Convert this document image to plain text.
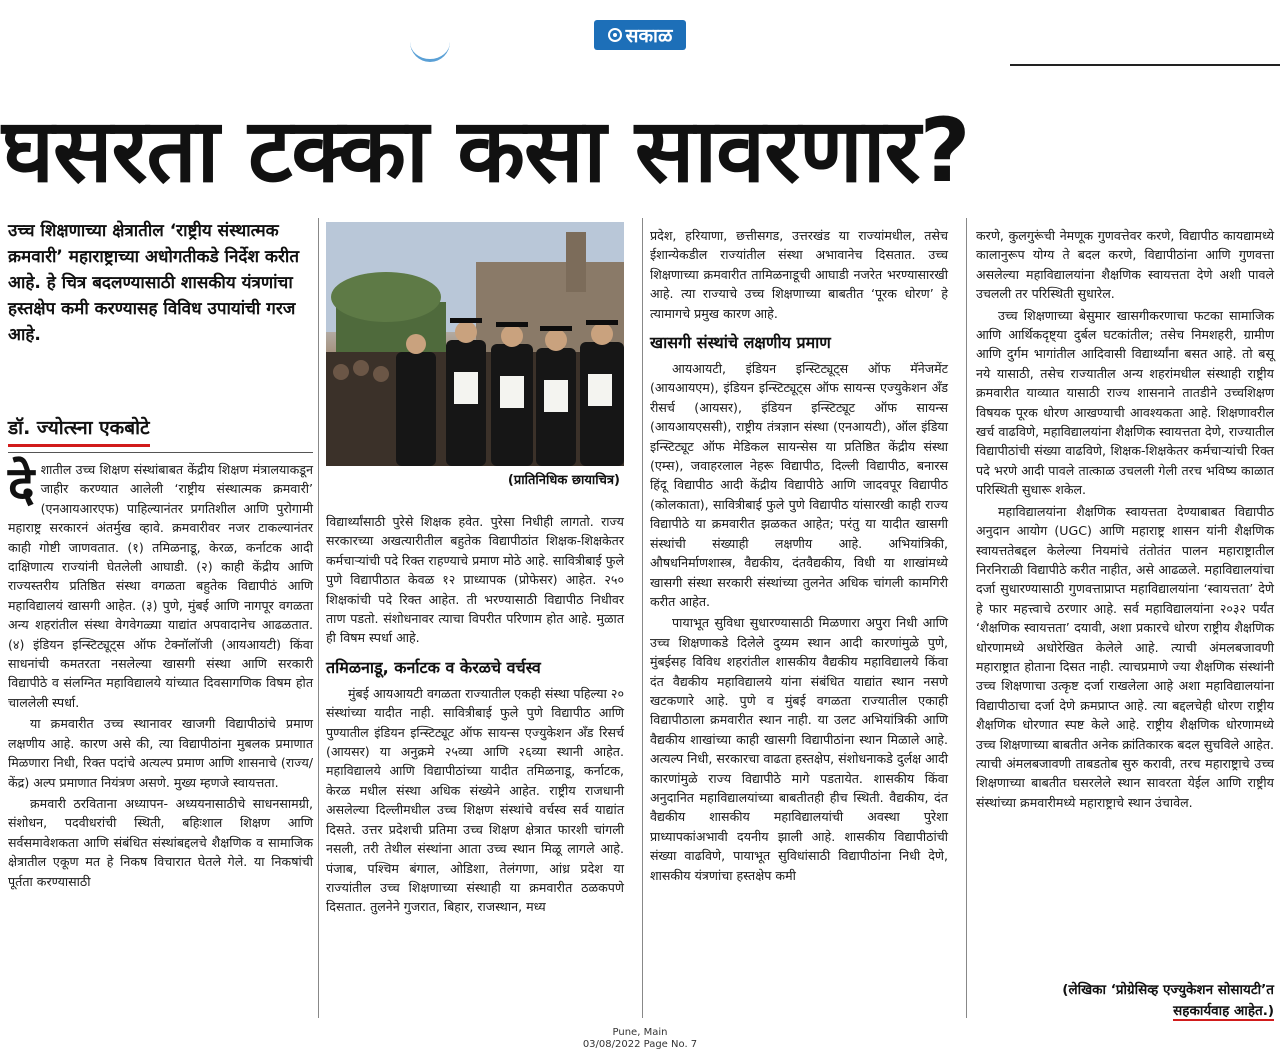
सकाळ
घसरता टक्का कसा सावरणार?
उच्च शिक्षणाच्या क्षेत्रातील ‘राष्ट्रीय संस्थात्मक क्रमवारी’ महाराष्ट्राच्या अधोगतीकडे निर्देश करीत आहे. हे चित्र बदलण्यासाठी शासकीय यंत्रणांचा हस्तक्षेप कमी करण्यासह विविध उपायांची गरज आहे.
डॉ. ज्योत्स्ना एकबोटे
दे शातील उच्च शिक्षण संस्थांबाबत केंद्रीय शिक्षण मंत्रालयाकडून जाहीर करण्यात आलेली ‘राष्ट्रीय संस्थात्मक क्रमवारी’ (एनआयआरएफ) पाहिल्यानंतर प्रगतिशील आणि पुरोगामी महाराष्ट्र सरकारनं अंतर्मुख व्हावे. क्रमवारीवर नजर टाकल्यानंतर काही गोष्टी जाणवतात. (१) तमिळनाडू, केरळ, कर्नाटक आदी दाक्षिणात्य राज्यांनी घेतलेली आघाडी. (२) काही केंद्रीय आणि राज्यस्तरीय प्रतिष्ठित संस्था वगळता बहुतेक विद्यापीठं आणि महाविद्यालयं खासगी आहेत. (३) पुणे, मुंबई आणि नागपूर वगळता अन्य शहरांतील संस्था वेगवेगळ्या याद्यांत अपवादानेच आढळतात. (४) इंडियन इन्स्टिट्यूट्स ऑफ टेक्नॉलॉजी (आयआयटी) किंवा साधनांची कमतरता नसलेल्या खासगी संस्था आणि सरकारी विद्यापीठे व संलग्नित महाविद्यालये यांच्यात दिवसागणिक विषम होत चाललेली स्पर्धा.

या क्रमवारीत उच्च स्थानावर खाजगी विद्यापीठांचे प्रमाण लक्षणीय आहे. कारण असे की, त्या विद्यापीठांना मुबलक प्रमाणात मिळणारा निधी, रिक्त पदांचे अत्यल्प प्रमाण आणि शासनाचे (राज्य/केंद्र) अल्प प्रमाणात नियंत्रण असणे. मुख्य म्हणजे स्वायत्तता.

क्रमवारी ठरविताना अध्यापन- अध्ययनासाठीचे साधनसामग्री, संशोधन, पदवीधरांची स्थिती, बहिःशाल शिक्षण आणि सर्वसमावेशकता आणि संबंधित संस्थांबद्दलचे शैक्षणिक व सामाजिक क्षेत्रातील एकूण मत हे निकष विचारात घेतले गेले. या निकषांची पूर्तता करण्यासाठी

(प्रातिनिधिक छायाचित्र)

विद्यार्थ्यांसाठी पुरेसे शिक्षक हवेत. पुरेसा निधीही लागतो. राज्य सरकारच्या अखत्यारीतील बहुतेक विद्यापीठांत शिक्षक-शिक्षकेतर कर्मचाऱ्यांची पदे रिक्त राहण्याचे प्रमाण मोठे आहे. सावित्रीबाई फुले पुणे विद्यापीठात केवळ १२ प्राध्यापक (प्रोफेसर) आहेत. २५० शिक्षकांची पदे रिक्त आहेत. ती भरण्यासाठी विद्यापीठ निधीवर ताण पडतो. संशोधनावर त्याचा विपरीत परिणाम होत आहे. मुळात ही विषम स्पर्धा आहे.

तमिळनाडू, कर्नाटक व केरळचे वर्चस्व

मुंबई आयआयटी वगळता राज्यातील एकही संस्था पहिल्या २० संस्थांच्या यादीत नाही. सावित्रीबाई फुले पुणे विद्यापीठ आणि पुण्यातील इंडियन इन्स्टिट्यूट ऑफ सायन्स एज्युकेशन अँड रिसर्च (आयसर) या अनुक्रमे २५व्या आणि २६व्या स्थानी आहेत. महाविद्यालये आणि विद्यापीठांच्या यादीत तमिळनाडू, कर्नाटक, केरळ मधील संस्था अधिक संख्येने आहेत. राष्ट्रीय राजधानी असलेल्या दिल्लीमधील उच्च शिक्षण संस्थांचेे वर्चस्व सर्व याद्यांत दिसते. उत्तर प्रदेशची प्रतिमा उच्च शिक्षण क्षेत्रात फारशी चांगली नसली, तरी तेथील संस्थांना आता उच्च स्थान मिळू लागले आहे. पंजाब, पश्चिम बंगाल, ओडिशा, तेलंगणा, आंध्र प्रदेश या राज्यांतील उच्च शिक्षणाच्या संस्थाही या क्रमवारीत ठळकपणे दिसतात. तुलनेने गुजरात, बिहार, राजस्थान, मध्य

प्रदेश, हरियाणा, छत्तीसगड, उत्तरखंड या राज्यांमधील, तसेच ईशान्येकडील राज्यांतील संस्था अभावानेच दिसतात. उच्च शिक्षणाच्या क्रमवारीत तामिळनाडूची आघाडी नजरेत भरण्यासारखी आहे. त्या राज्याचे उच्च शिक्षणाच्या बाबतीत ‘पूरक धोरण’ हे त्यामागचे प्रमुख कारण आहे.

खासगी संस्थांचे लक्षणीय प्रमाण

आयआयटी, इंडियन इन्स्टिट्यूट्स ऑफ मॅनेजमेंट (आयआयएम), इंडियन इन्स्टिट्यूट्स ऑफ सायन्स एज्युकेशन अँड रीसर्च (आयसर), इंडियन इन्स्टिट्यूट ऑफ सायन्स (आयआयएससी), राष्ट्रीय तंत्रज्ञान संस्था (एनआयटी), ऑल इंडिया इन्स्टिट्यूट ऑफ मेडिकल सायन्सेस या प्रतिष्ठित केंद्रीय संस्था (एम्स), जवाहरलाल नेहरू विद्यापीठ, दिल्ली विद्यापीठ, बनारस हिंदू विद्यापीठ आदी केंद्रीय विद्यापीठे आणि जादवपूर विद्यापीठ (कोलकाता), सावित्रीबाई फुले पुणे विद्यापीठ यांसारखी काही राज्य विद्यापीठे या क्रमवारीत झळकत आहेत; परंतु या यादीत खासगी संस्थांची संख्याही लक्षणीय आहे. अभियांत्रिकी, औषधनिर्माणशास्त्र, वैद्यकीय, दंतवैद्यकीय, विधी या शाखांमध्ये खासगी संस्था सरकारी संस्थांच्या तुलनेत अधिक चांगली कामगिरी करीत आहेत.

पायाभूत सुविधा सुधारण्यासाठी मिळणारा अपुरा निधी आणि उच्च शिक्षणाकडे दिलेले दुय्यम स्थान आदी कारणांमुळे पुणे, मुंबईसह विविध शहरांतील शासकीय वैद्यकीय महाविद्यालये किंवा दंत वैद्यकीय महाविद्यालये यांना संबंधित याद्यांत स्थान नसणे खटकणारे आहे. पुणे व मुंबई वगळता राज्यातील एकाही विद्यापीठाला क्रमवारीत स्थान नाही. या उलट अभियांत्रिकी आणि वैद्यकीय शाखांच्या काही खासगी विद्यापीठांना स्थान मिळाले आहे. अत्यल्प निधी, सरकारचा वाढता हस्तक्षेप, संशोधनाकडे दुर्लक्ष आदी कारणांमुळे राज्य विद्यापीठे मागे पडतायेत. शासकीय किंवा अनुदानित महाविद्यालयांच्या बाबतीतही हीच स्थिती. वैद्यकीय, दंत वैद्यकीय शासकीय महाविद्यालयांची अवस्था पुरेशा प्राध्यापकांअभावी दयनीय झाली आहे. शासकीय विद्यापीठांची संख्या वाढविणे, पायाभूत सुविधांसाठी विद्यापीठांना निधी देणे, शासकीय यंत्रणांचा हस्तक्षेप कमी

करणे, कुलगुरूंची नेमणूक गुणवत्तेवर करणे, विद्यापीठ कायद्यामध्ये कालानुरूप योग्य ते बदल करणे, विद्यापीठांना आणि गुणवत्ता असलेल्या महाविद्यालयांना शैक्षणिक स्वायत्तता देणे अशी पावले उचलली तर परिस्थिती सुधारेल.

उच्च शिक्षणाच्या बेसुमार खासगीकरणाचा फटका सामाजिक आणि आर्थिकदृष्ट्या दुर्बल घटकांतील; तसेच निमशहरी, ग्रामीण आणि दुर्गम भागांतील आदिवासी विद्यार्थ्यांना बसत आहे. तो बसू नये यासाठी, तसेच राज्यातील अन्य शहरांमधील संस्थाही राष्ट्रीय क्रमवारीत याव्यात यासाठी राज्य शासनाने तातडीने उच्चशिक्षण विषयक पूरक धोरण आखण्याची आवश्यकता आहे. शिक्षणावरील खर्च वाढविणे, महाविद्यालयांना शैक्षणिक स्वायत्तता देणे, राज्यातील विद्यापीठांची संख्या वाढविणे, शिक्षक-शिक्षकेतर कर्मचाऱ्यांची रिक्त पदे भरणे आदी पावले तात्काळ उचलली गेली तरच भविष्य काळात परिस्थिती सुधारू शकेल.

महाविद्यालयांना शैक्षणिक स्वायत्तता देण्याबाबत विद्यापीठ अनुदान आयोग (UGC) आणि महाराष्ट्र शासन यांनी शैक्षणिक स्वायत्ततेबद्दल केलेल्या नियमांचे तंतोतंत पालन महाराष्ट्रातील निरनिराळी विद्यापीठे करीत नाहीत, असे आढळले. महाविद्यालयांचा दर्जा सुधारण्यासाठी गुणवत्ताप्राप्त महाविद्यालयांना ‘स्वायत्तता’ देणे हे फार महत्त्वाचे ठरणार आहे. सर्व महाविद्यालयांना २०३२ पर्यंत ‘शैक्षणिक स्वायत्तता’ दयावी, अशा प्रकारचे धोरण राष्ट्रीय शैक्षणिक धोरणामध्ये अधोरेखित केलेले आहे. त्याची अंमलबजावणी महाराष्ट्रात होताना दिसत नाही. त्याचप्रमाणे ज्या शैक्षणिक संस्थांनी उच्च शिक्षणाचा उत्कृष्ट दर्जा राखलेला आहे अशा महाविद्यालयांना विद्यापीठाचा दर्जा देणे क्रमप्राप्त आहे. त्या बद्दलचेही धोरण राष्ट्रीय शैक्षणिक धोरणात स्पष्ट केले आहे. राष्ट्रीय शैक्षणिक धोरणामध्ये उच्च शिक्षणाच्या बाबतीत अनेक क्रांतिकारक बदल सुचविले आहेत. त्याची अंमलबजावणी ताबडतोब सुरु करावी, तरच महाराष्ट्राचे उच्च शिक्षणाच्या बाबतीत घसरलेले स्थान सावरता येईल आणि राष्ट्रीय संस्थांच्या क्रमवारीमध्ये महाराष्ट्राचे स्थान उंचावेल.

(लेखिका ‘प्रोग्रेसिव्ह एज्युकेशन सोसायटी’त
सहकार्यवाह आहेत.)
Pune, Main
03/08/2022 Page No. 7
